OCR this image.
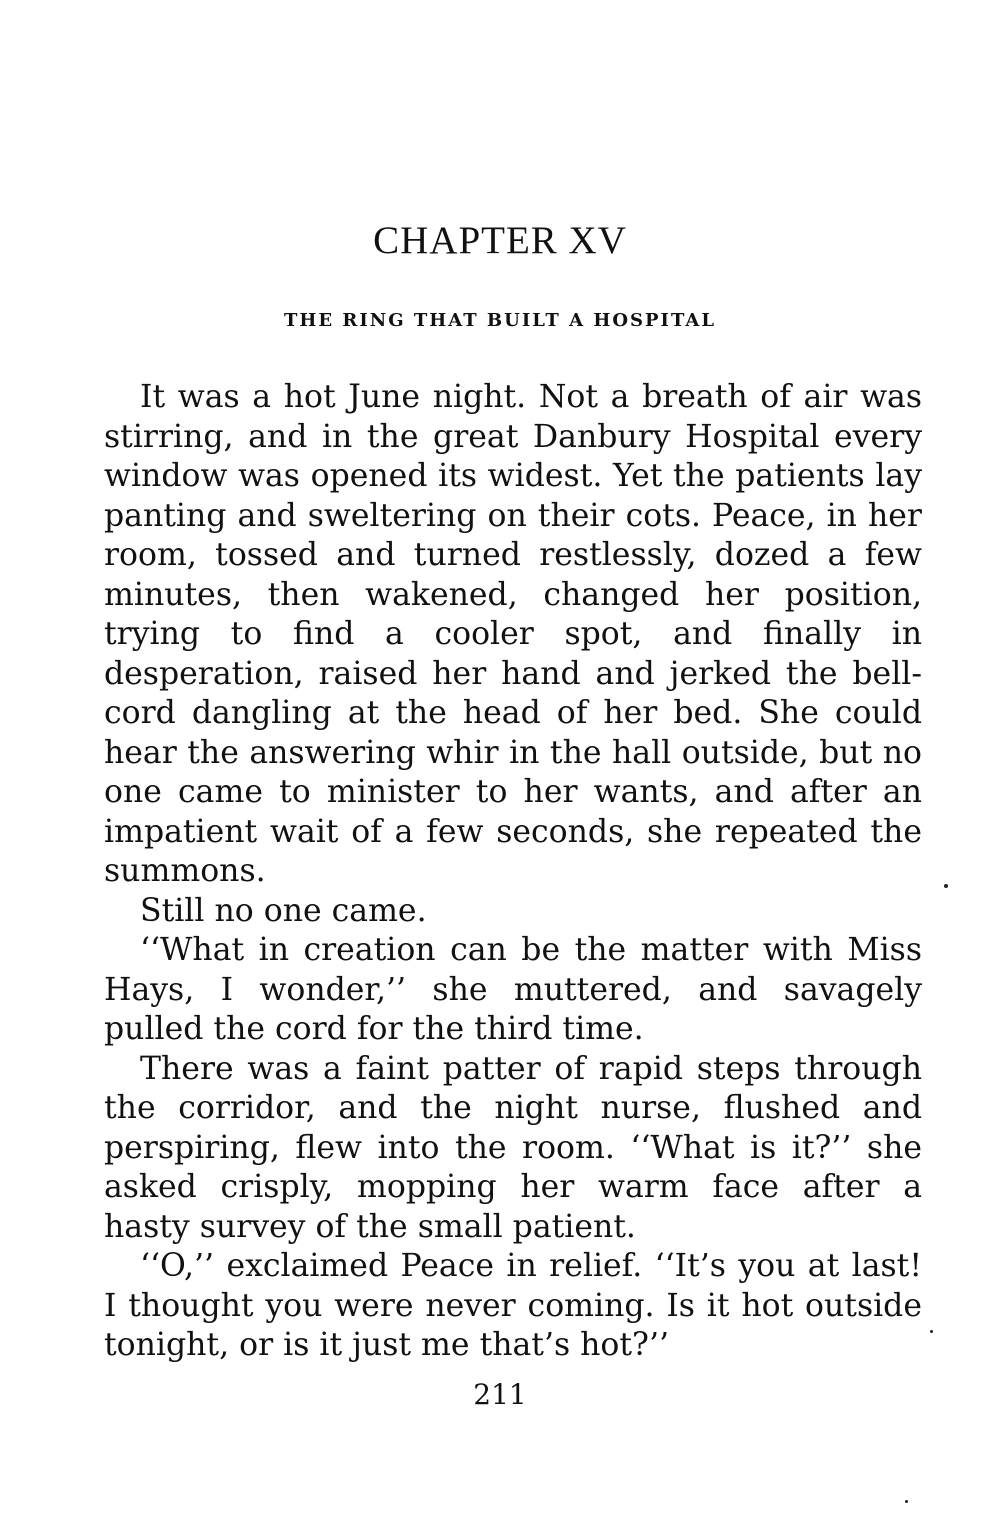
CHAPTER XV
THE RING THAT BUILT A HOSPITAL

It was a hot June night. Not a breath of air was stirring, and in the great Danbury Hospital every window was opened its widest. Yet the patients lay panting and sweltering on their cots. Peace, in her room, tossed and turned restlessly, dozed a few minutes, then wakened, changed her position, trying to find a cooler spot, and finally in desperation, raised her hand and jerked the bell-cord dangling at the head of her bed. She could hear the answering whir in the hall outside, but no one came to minister to her wants, and after an impatient wait of a few seconds, she repeated the summons.

Still no one came.

‘‘What in creation can be the matter with Miss Hays, I wonder,’’ she muttered, and savagely pulled the cord for the third time.

There was a faint patter of rapid steps through the corridor, and the night nurse, flushed and perspiring, flew into the room. ‘‘What is it?’’ she asked crisply, mopping her warm face after a hasty survey of the small patient.

‘‘O,’’ exclaimed Peace in relief. ‘‘It’s you at last! I thought you were never coming. Is it hot outside tonight, or is it just me that’s hot?’’

211
